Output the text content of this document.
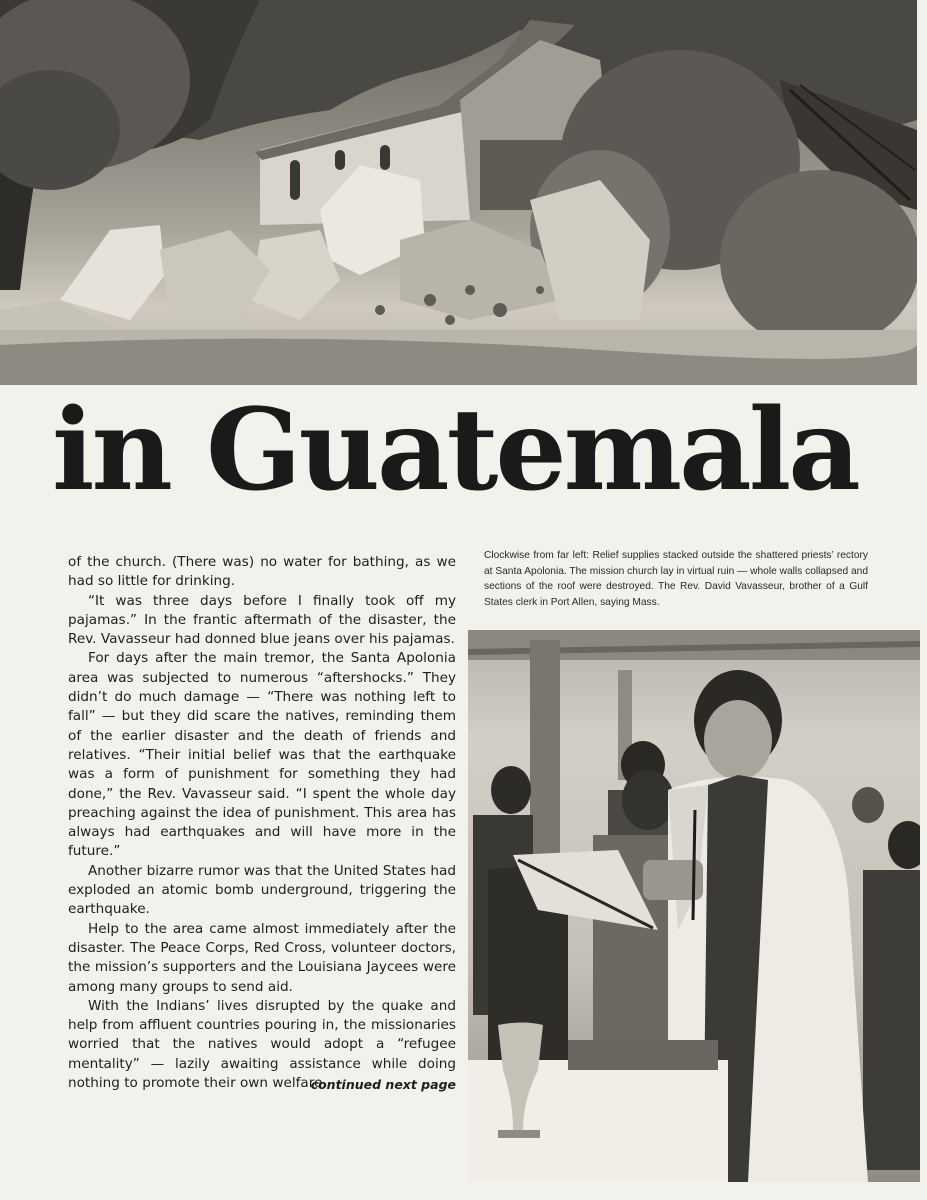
in Guatemala

of the church. (There was) no water for bathing, as we had so little for drinking.

“It was three days before I finally took off my pajamas.” In the frantic aftermath of the disaster, the Rev. Vavasseur had donned blue jeans over his pajamas.

For days after the main tremor, the Santa Apolonia area was subjected to numerous “aftershocks.” They didn’t do much damage — “There was nothing left to fall” — but they did scare the natives, reminding them of the earlier disaster and the death of friends and relatives. “Their initial belief was that the earthquake was a form of punishment for something they had done,” the Rev. Vavasseur said. “I spent the whole day preaching against the idea of punishment. This area has always had earthquakes and will have more in the future.”

Another bizarre rumor was that the United States had exploded an atomic bomb underground, triggering the earthquake.

Help to the area came almost immediately after the disaster. The Peace Corps, Red Cross, volunteer doctors, the mission’s supporters and the Louisiana Jaycees were among many groups to send aid.

With the Indians’ lives disrupted by the quake and help from affluent countries pouring in, the missionaries worried that the natives would adopt a “refugee mentality” — lazily awaiting assistance while doing nothing to promote their own welfare.

continued next page
Clockwise from far left: Relief supplies stacked outside the shattered priests’ rectory at Santa Apolonia. The mission church lay in virtual ruin — whole walls collapsed and sections of the roof were destroyed. The Rev. David Vavasseur, brother of a Gulf States clerk in Port Allen, saying Mass.
